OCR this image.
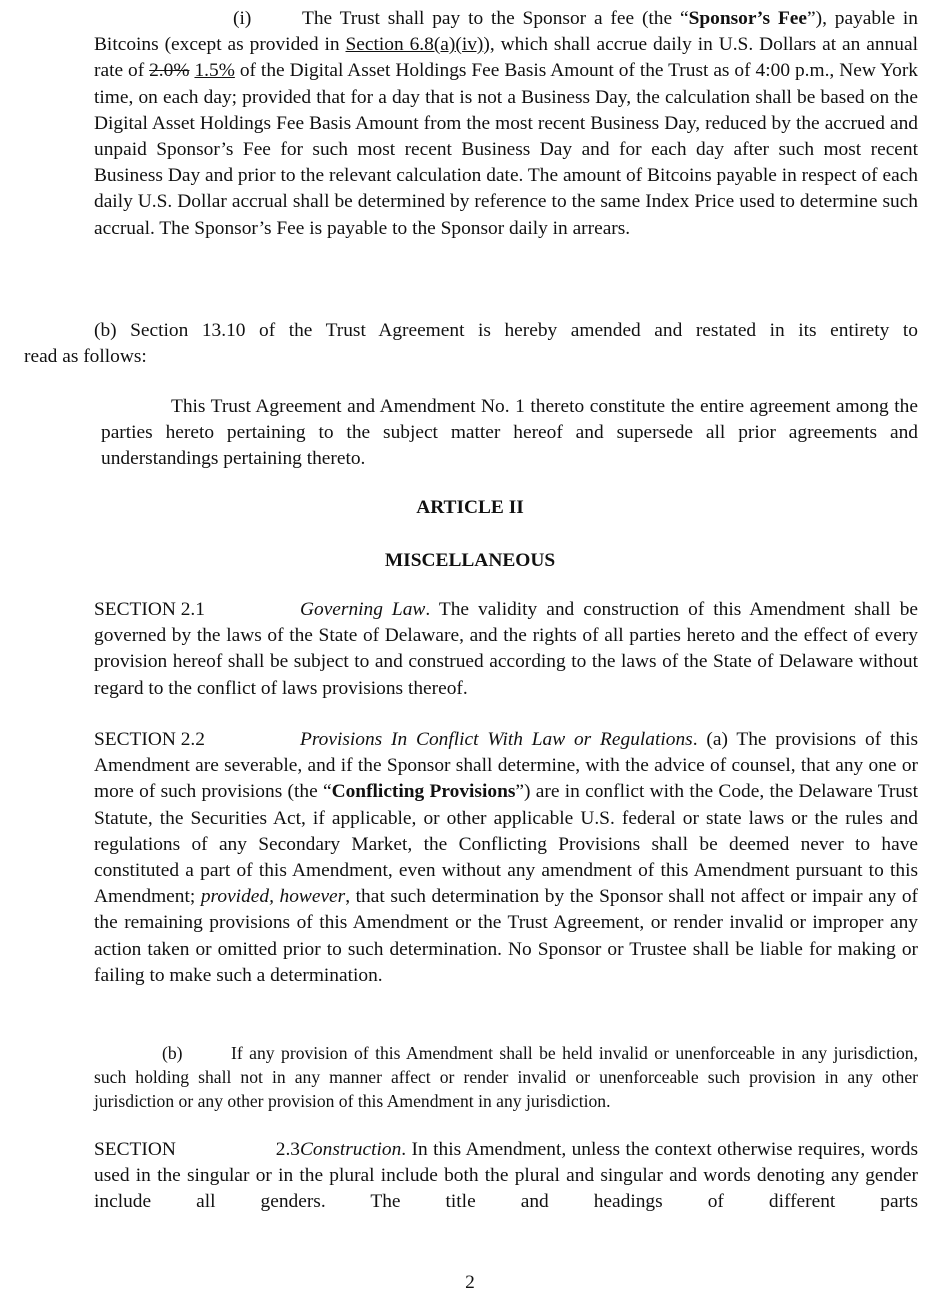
(i)	The Trust shall pay to the Sponsor a fee (the “Sponsor’s Fee”), payable in Bitcoins (except as provided in Section 6.8(a)(iv)), which shall accrue daily in U.S. Dollars at an annual rate of 2.0% 1.5% of the Digital Asset Holdings Fee Basis Amount of the Trust as of 4:00 p.m., New York time, on each day; provided that for a day that is not a Business Day, the calculation shall be based on the Digital Asset Holdings Fee Basis Amount from the most recent Business Day, reduced by the accrued and unpaid Sponsor’s Fee for such most recent Business Day and for each day after such most recent Business Day and prior to the relevant calculation date. The amount of Bitcoins payable in respect of each daily U.S. Dollar accrual shall be determined by reference to the same Index Price used to determine such accrual. The Sponsor’s Fee is payable to the Sponsor daily in arrears.
(b) Section 13.10 of the Trust Agreement is hereby amended and restated in its entirety to
read as follows:
This Trust Agreement and Amendment No. 1 thereto constitute the entire agreement among the parties hereto pertaining to the subject matter hereof and supersede all prior agreements and understandings pertaining thereto.
ARTICLE II
MISCELLANEOUS
SECTION 2.1	Governing Law. The validity and construction of this Amendment shall be governed by the laws of the State of Delaware, and the rights of all parties hereto and the effect of every provision hereof shall be subject to and construed according to the laws of the State of Delaware without regard to the conflict of laws provisions thereof.
SECTION 2.2	Provisions In Conflict With Law or Regulations. (a) The provisions of this Amendment are severable, and if the Sponsor shall determine, with the advice of counsel, that any one or more of such provisions (the “Conflicting Provisions”) are in conflict with the Code, the Delaware Trust Statute, the Securities Act, if applicable, or other applicable U.S. federal or state laws or the rules and regulations of any Secondary Market, the Conflicting Provisions shall be deemed never to have constituted a part of this Amendment, even without any amendment of this Amendment pursuant to this Amendment; provided, however, that such determination by the Sponsor shall not affect or impair any of the remaining provisions of this Amendment or the Trust Agreement, or render invalid or improper any action taken or omitted prior to such determination. No Sponsor or Trustee shall be liable for making or failing to make such a determination.
(b)	If any provision of this Amendment shall be held invalid or unenforceable in any jurisdiction, such holding shall not in any manner affect or render invalid or unenforceable such provision in any other jurisdiction or any other provision of this Amendment in any jurisdiction.
SECTION 2.3Construction. In this Amendment, unless the context otherwise requires, words used in the singular or in the plural include both the plural and singular and words denoting any gender include all genders. The title and headings of different parts
2
